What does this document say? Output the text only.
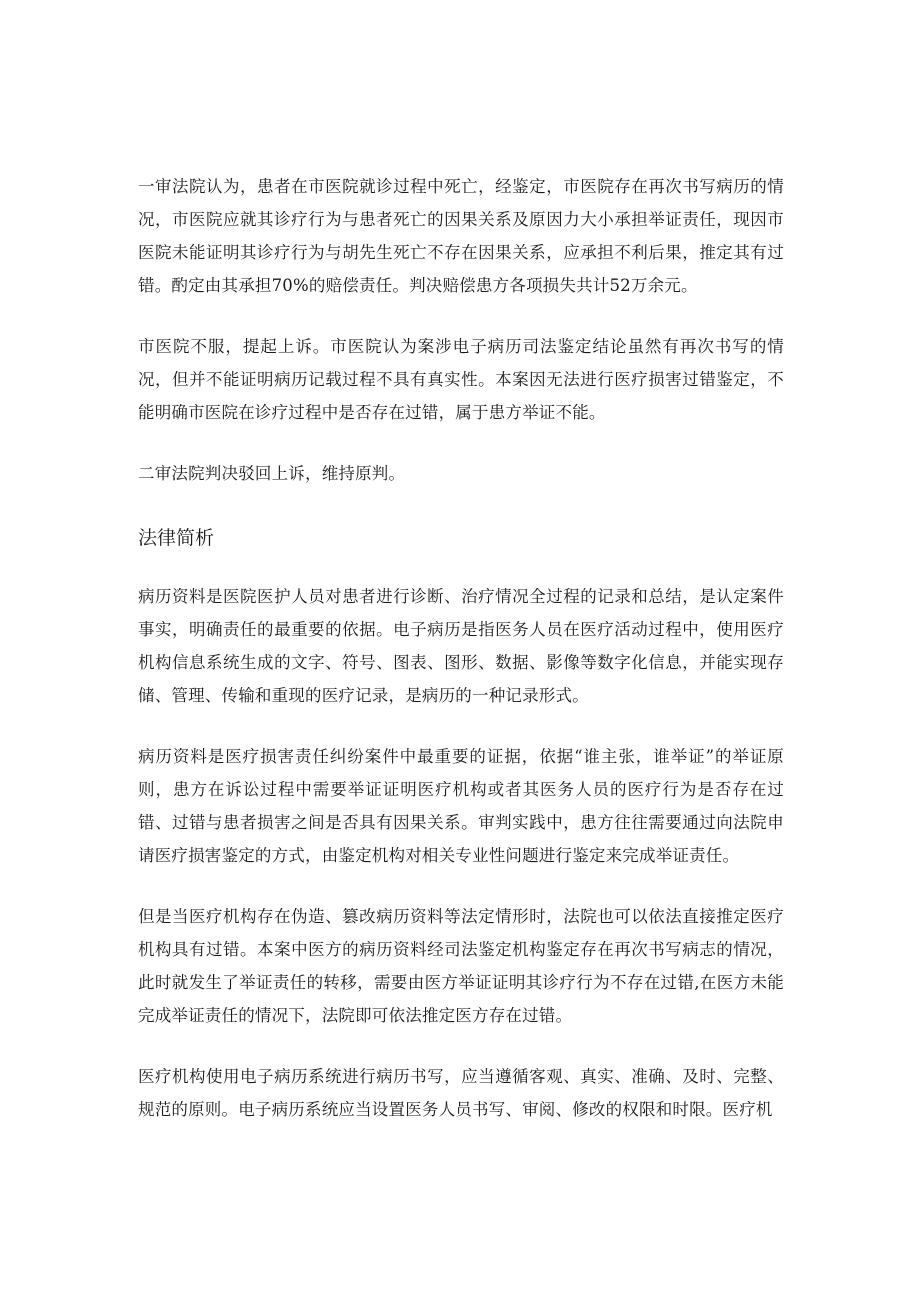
一审法院认为，患者在市医院就诊过程中死亡，经鉴定，市医院存在再次书写病历的情况，市医院应就其诊疗行为与患者死亡的因果关系及原因力大小承担举证责任，现因市医院未能证明其诊疗行为与胡先生死亡不存在因果关系，应承担不利后果，推定其有过错。酌定由其承担70%的赔偿责任。判决赔偿患方各项损失共计52万余元。

市医院不服，提起上诉。市医院认为案涉电子病历司法鉴定结论虽然有再次书写的情况，但并不能证明病历记载过程不具有真实性。本案因无法进行医疗损害过错鉴定，不能明确市医院在诊疗过程中是否存在过错，属于患方举证不能。

二审法院判决驳回上诉，维持原判。

法律简析

病历资料是医院医护人员对患者进行诊断、治疗情况全过程的记录和总结，是认定案件事实，明确责任的最重要的依据。电子病历是指医务人员在医疗活动过程中，使用医疗机构信息系统生成的文字、符号、图表、图形、数据、影像等数字化信息，并能实现存储、管理、传输和重现的医疗记录，是病历的一种记录形式。

病历资料是医疗损害责任纠纷案件中最重要的证据，依据“谁主张，谁举证”的举证原则，患方在诉讼过程中需要举证证明医疗机构或者其医务人员的医疗行为是否存在过错、过错与患者损害之间是否具有因果关系。审判实践中，患方往往需要通过向法院申请医疗损害鉴定的方式，由鉴定机构对相关专业性问题进行鉴定来完成举证责任。

但是当医疗机构存在伪造、篡改病历资料等法定情形时，法院也可以依法直接推定医疗机构具有过错。本案中医方的病历资料经司法鉴定机构鉴定存在再次书写病志的情况，此时就发生了举证责任的转移，需要由医方举证证明其诊疗行为不存在过错,在医方未能完成举证责任的情况下，法院即可依法推定医方存在过错。

医疗机构使用电子病历系统进行病历书写，应当遵循客观、真实、准确、及时、完整、规范的原则。电子病历系统应当设置医务人员书写、审阅、修改的权限和时限。医疗机
